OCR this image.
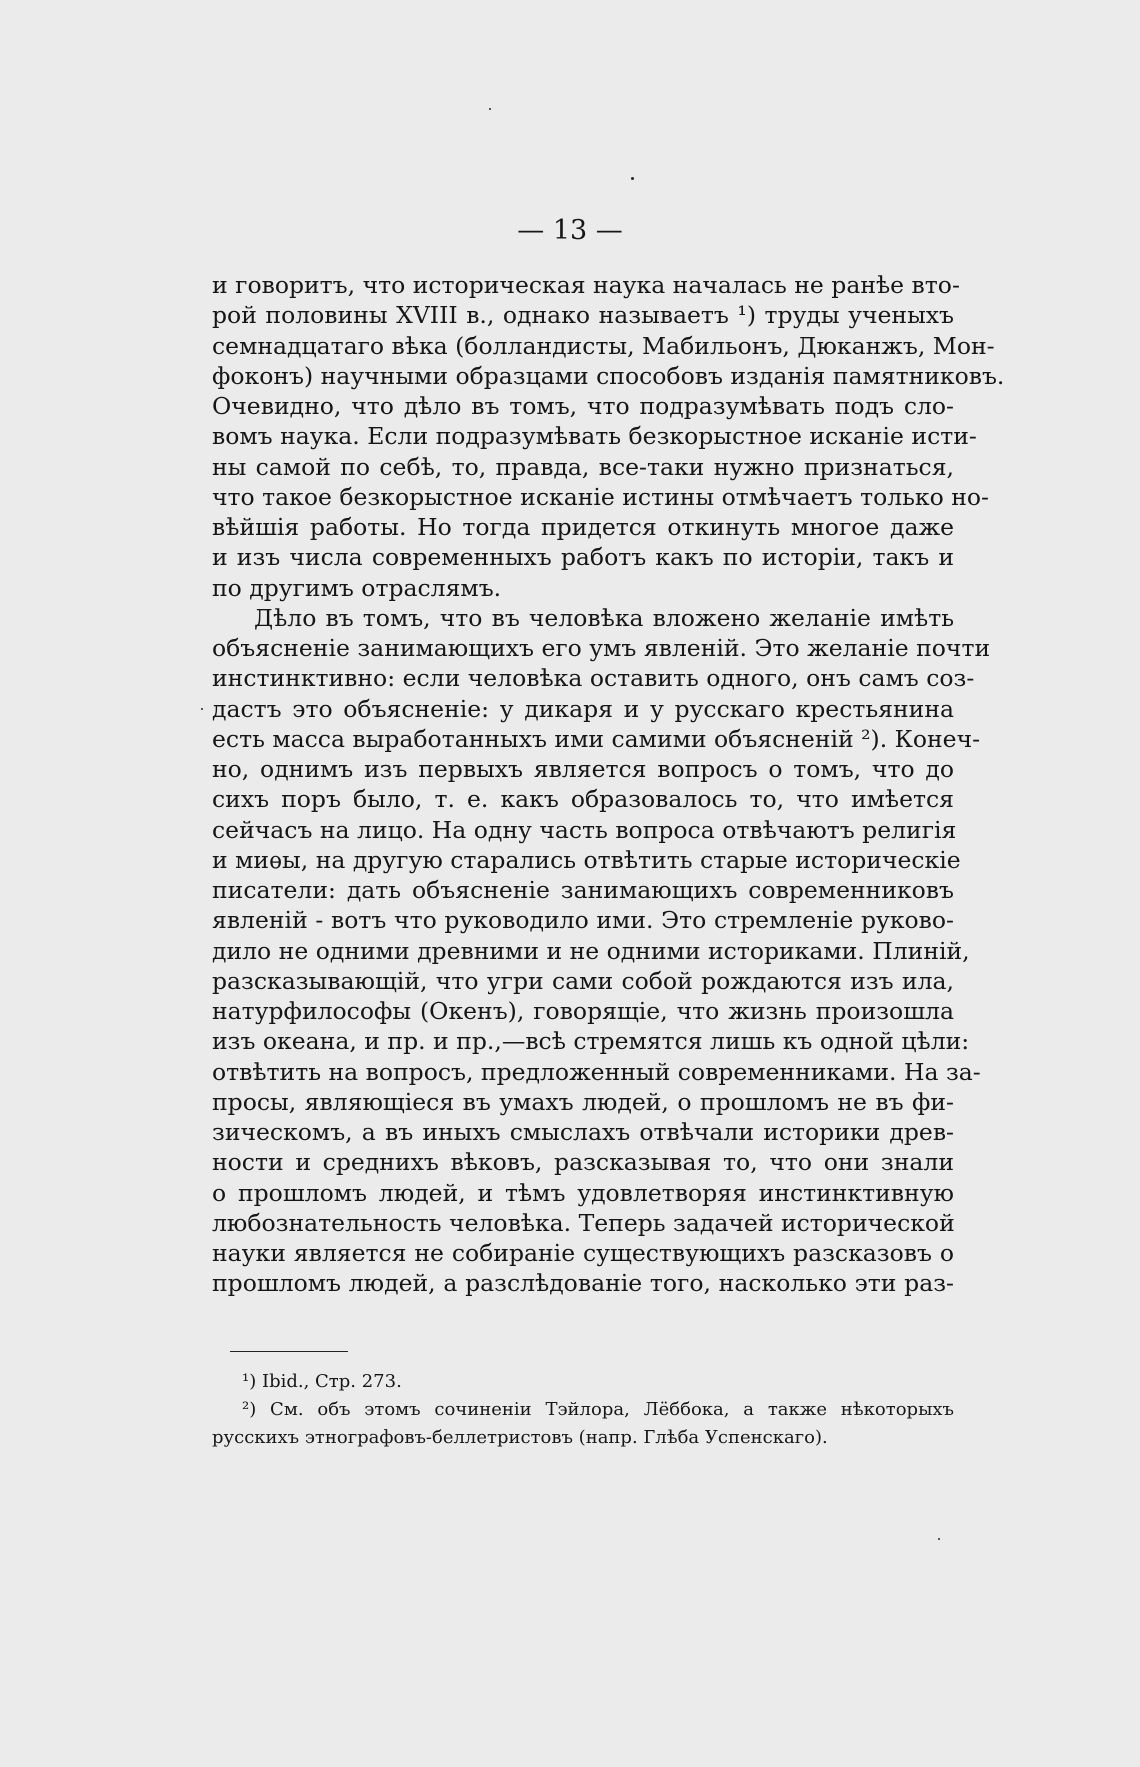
— 13 —
и говоритъ, что историческая наука началась не ранѣе вто-
рой половины XVIII в., однако называетъ ¹) труды ученыхъ
семнадцатаго вѣка (болландисты, Мабильонъ, Дюканжъ, Мон-
фоконъ) научными образцами способовъ изданія памятниковъ.
Очевидно, что дѣло въ томъ, что подразумѣвать подъ сло-
вомъ наука. Если подразумѣвать безкорыстное исканіе исти-
ны самой по себѣ, то, правда, все-таки нужно признаться,
что такое безкорыстное исканіе истины отмѣчаетъ только но-
вѣйшія работы. Но тогда придется откинуть многое даже
и изъ числа современныхъ работъ какъ по исторіи, такъ и
по другимъ отраслямъ.
Дѣло въ томъ, что въ человѣка вложено желаніе имѣть
объясненіе занимающихъ его умъ явленій. Это желаніе почти
инстинктивно: если человѣка оставить одного, онъ самъ соз-
дастъ это объясненіе: у дикаря и у русскаго крестьянина
есть масса выработанныхъ ими самими объясненій ²). Конеч-
но, однимъ изъ первыхъ является вопросъ о томъ, что до
сихъ поръ было, т. е. какъ образовалось то, что имѣется
сейчасъ на лицо. На одну часть вопроса отвѣчаютъ религія
и миѳы, на другую старались отвѣтить старые историческіе
писатели: дать объясненіе занимающихъ современниковъ
явленій - вотъ что руководило ими. Это стремленіе руково-
дило не одними древними и не одними историками. Плиній,
разсказывающій, что угри сами собой рождаются изъ ила,
натурфилософы (Окенъ), говорящіе, что жизнь произошла
изъ океана, и пр. и пр.,—всѣ стремятся лишь къ одной цѣли:
отвѣтить на вопросъ, предложенный современниками. На за-
просы, являющіеся въ умахъ людей, о прошломъ не въ фи-
зическомъ, а въ иныхъ смыслахъ отвѣчали историки древ-
ности и среднихъ вѣковъ, разсказывая то, что они знали
о прошломъ людей, и тѣмъ удовлетворяя инстинктивную
любознательность человѣка. Теперь задачей исторической
науки является не собираніе существующихъ разсказовъ о
прошломъ людей, а разслѣдованіе того, насколько эти раз-
¹) Ibid., Стр. 273.
²) См. объ этомъ сочиненіи Тэйлора, Лёббока, а также нѣкоторыхъ
русскихъ этнографовъ-беллетристовъ (напр. Глѣба Успенскаго).
